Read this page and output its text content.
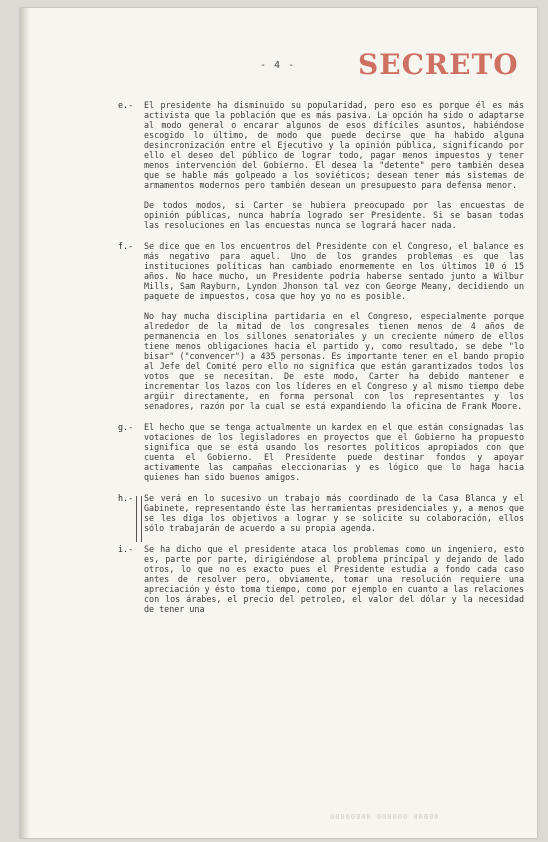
- 4 - SECRETO
e.- El presidente ha disminuido su popularidad, pero eso es porque él es más activista que la población que es más pasiva. La opción ha sido o adaptarse al modo general o encarar algunos de esos difíciles asuntos, habiéndose escogido lo último, de modo que puede decirse que ha habido alguna desincronización entre el Ejecutivo y la opinión pública, significando por ello el deseo del público de lograr todo, pagar menos impuestos y tener menos intervención del Gobierno. El desea la "detente" pero también desea que se hable más golpeado a los soviéticos; desean tener más sistemas de armamentos modernos pero también desean un presupuesto para defensa menor.

De todos modos, si Carter se hubiera preocupado por las encuestas de opinión públicas, nunca habría logrado ser Presidente. Si se basan todas las resoluciones en las encuestas nunca se logrará hacer nada.

f.- Se dice que en los encuentros del Presidente con el Congreso, el balance es más negativo para aquel. Uno de los grandes problemas es que las instituciones políticas han cambiado enormemente en los últimos 10 ó 15 años. No hace mucho, un Presidente podría haberse sentado junto a Wilbur Mills, Sam Rayburn, Lyndon Jhonson tal vez con George Meany, decidiendo un paquete de impuestos, cosa que hoy yo no es posible.

No hay mucha disciplina partidaria en el Congreso, especialmente porque alrededor de la mitad de los congresales tienen menos de 4 años de permanencia en los sillones senatoriales y un creciente número de ellos tiene menos obligaciones hacia el partido y, como resultado, se debe "lo bisar" ("convencer") a 435 personas. Es importante tener en el bando propio al Jefe del Comité pero ello no significa que están garantizados todos los votos que se necesitan. De este modo, Carter ha debido mantener e incrementar los lazos con los líderes en el Congreso y al mismo tiempo debe argüir directamente, en forma personal con los representantes y los senadores, razón por la cual se está expandiendo la oficina de Frank Moore.

g.- El hecho que se tenga actualmente un kardex en el que están consignadas las votaciones de los legisladores en proyectos que el Gobierno ha propuesto significa que se está usando los resortes políticos apropiados con que cuenta el Gobierno. El Presidente puede destinar fondos y apoyar activamente las campañas eleccionarias y es lógico que lo haga hacia quienes han sido buenos amigos.

h.- Se verá en lo sucesivo un trabajo más coordinado de la Casa Blanca y el Gabinete, representando éste las herramientas presidenciales y, a menos que se les diga los objetivos a lograr y se solicite su colaboración, ellos sólo trabajarán de acuerdo a su propia agenda.

i.- Se ha dicho que el presidente ataca los problemas como un ingeniero, esto es, parte por parte, dirigiéndose al problema principal y dejando de lado otros, lo que no es exacto pues el Presidente estudia a fondo cada caso antes de resolver pero, obviamente, tomar una resolución requiere una apreciación y ésto toma tiempo, como por ejemplo en cuanto a las relaciones con los árabes, el precio del petroleo, el valor del dólar y la necesidad de tener una

00000000 000000 00000
